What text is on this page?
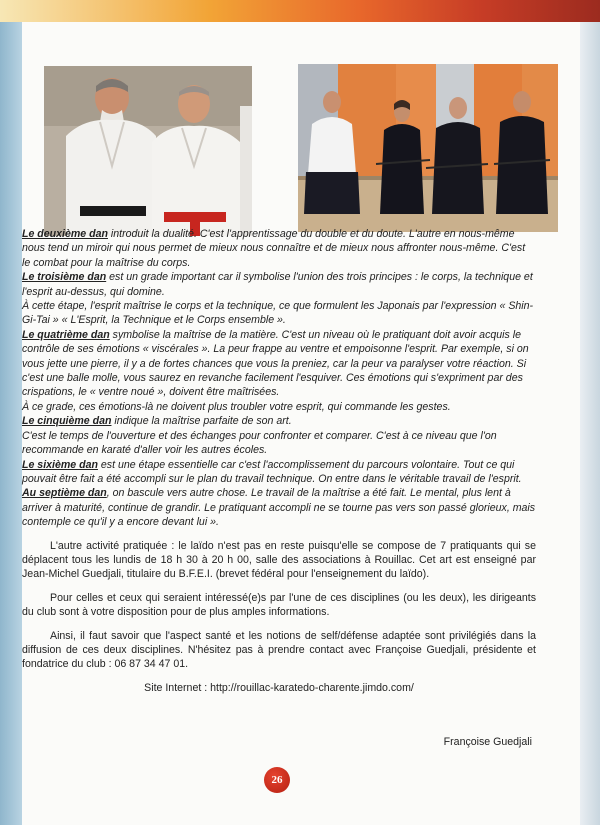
Le deuxième dan introduit la dualité. C'est l'apprentissage du double et du doute. L'autre en nous-même nous tend un miroir qui nous permet de mieux nous connaître et de mieux nous affronter nous-même. C'est le combat pour la maîtrise du corps.

Le troisième dan est un grade important car il symbolise l'union des trois principes : le corps, la technique et l'esprit au-dessus, qui domine.

À cette étape, l'esprit maîtrise le corps et la technique, ce que formulent les Japonais par l'expression « Shin-Gi-Tai » « L'Esprit, la Technique et le Corps ensemble ».

Le quatrième dan symbolise la maîtrise de la matière. C'est un niveau où le pratiquant doit avoir acquis le contrôle de ses émotions « viscérales ». La peur frappe au ventre et empoisonne l'esprit. Par exemple, si on vous jette une pierre, il y a de fortes chances que vous la preniez, car la peur va paralyser votre réaction. Si c'est une balle molle, vous saurez en revanche facilement l'esquiver. Ces émotions qui s'expriment par des crispations, le « ventre noué », doivent être maîtrisées.

À ce grade, ces émotions-là ne doivent plus troubler votre esprit, qui commande les gestes.

Le cinquième dan indique la maîtrise parfaite de son art.

C'est le temps de l'ouverture et des échanges pour confronter et comparer. C'est à ce niveau que l'on recommande en karaté d'aller voir les autres écoles.

Le sixième dan est une étape essentielle car c'est l'accomplissement du parcours volontaire. Tout ce qui pouvait être fait a été accompli sur le plan du travail technique. On entre dans le véritable travail de l'esprit.

Au septième dan, on bascule vers autre chose. Le travail de la maîtrise a été fait. Le mental, plus lent à arriver à maturité, continue de grandir. Le pratiquant accompli ne se tourne pas vers son passé glorieux, mais contemple ce qu'il y a encore devant lui ».

L'autre activité pratiquée : le laïdo n'est pas en reste puisqu'elle se compose de 7 pratiquants qui se déplacent tous les lundis de 18 h 30 à 20 h 00, salle des associations à Rouillac. Cet art est enseigné par Jean-Michel Guedjali, titulaire du B.F.E.I. (brevet fédéral pour l'enseignement du laïdo).

Pour celles et ceux qui seraient intéressé(e)s par l'une de ces disciplines (ou les deux), les dirigeants du club sont à votre disposition pour de plus amples informations.

Ainsi, il faut savoir que l'aspect santé et les notions de self/défense adaptée sont privilégiés dans la diffusion de ces deux disciplines. N'hésitez pas à prendre contact avec Françoise Guedjali, présidente et fondatrice du club : 06 87 34 47 01.

Site Internet : http://rouillac-karatedo-charente.jimdo.com/

Françoise Guedjali

26
